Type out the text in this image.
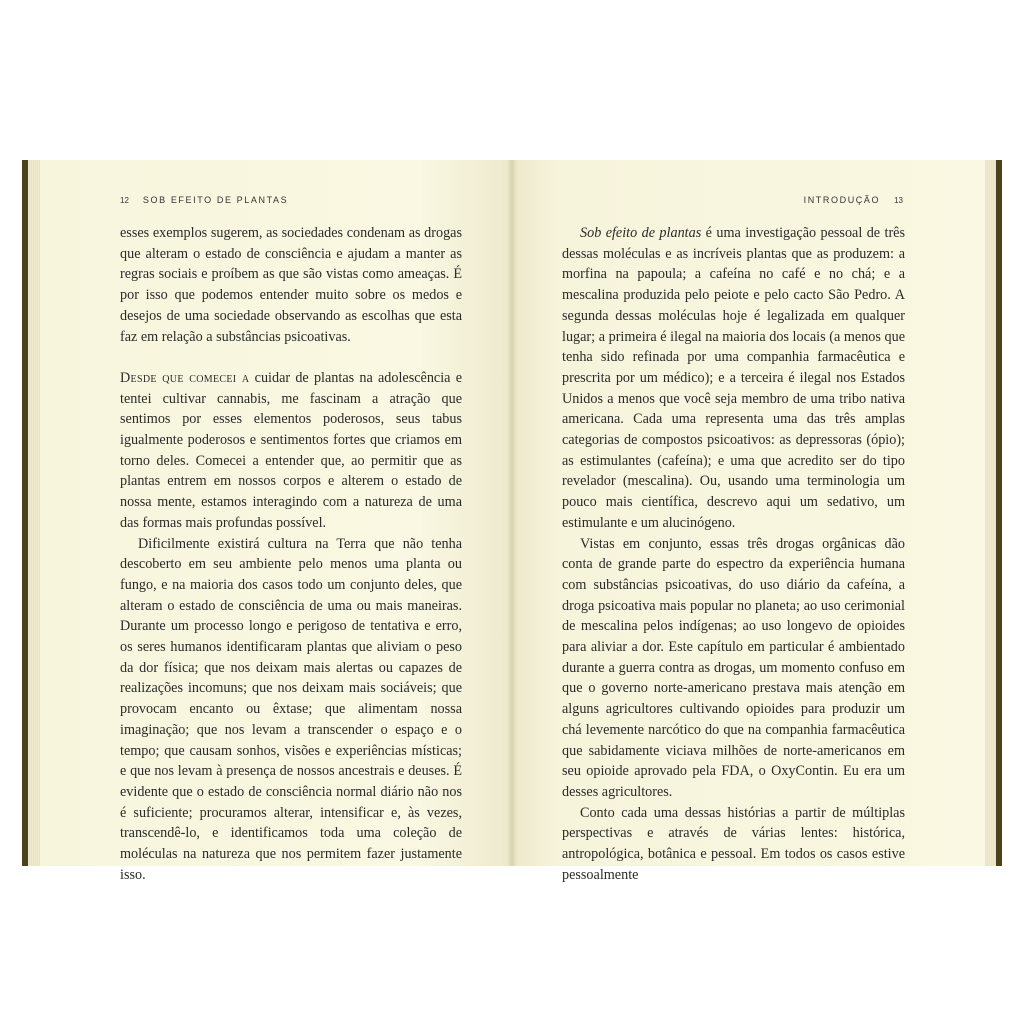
12 SOB EFEITO DE PLANTAS

esses exemplos sugerem, as sociedades condenam as drogas que alteram o estado de consciência e ajudam a manter as regras sociais e proíbem as que são vistas como ameaças. É por isso que podemos entender muito sobre os medos e desejos de uma sociedade observando as escolhas que esta faz em relação a substâncias psicoativas.

Desde que comecei a cuidar de plantas na adolescência e tentei cultivar cannabis, me fascinam a atração que sentimos por esses elementos poderosos, seus tabus igualmente poderosos e sentimentos fortes que criamos em torno deles. Comecei a entender que, ao permitir que as plantas entrem em nossos corpos e alterem o estado de nossa mente, estamos interagindo com a natureza de uma das formas mais profundas possível.

Dificilmente existirá cultura na Terra que não tenha descoberto em seu ambiente pelo menos uma planta ou fungo, e na maioria dos casos todo um conjunto deles, que alteram o estado de consciência de uma ou mais maneiras. Durante um processo longo e perigoso de tentativa e erro, os seres humanos identificaram plantas que aliviam o peso da dor física; que nos deixam mais alertas ou capazes de realizações incomuns; que nos deixam mais sociáveis; que provocam encanto ou êxtase; que alimentam nossa imaginação; que nos levam a transcender o espaço e o tempo; que causam sonhos, visões e experiências místicas; e que nos levam à presença de nossos ancestrais e deuses. É evidente que o estado de consciência normal diário não nos é suficiente; procuramos alterar, intensificar e, às vezes, transcendê-lo, e identificamos toda uma coleção de moléculas na natureza que nos permitem fazer justamente isso.

INTRODUÇÃO 13

Sob efeito de plantas é uma investigação pessoal de três dessas moléculas e as incríveis plantas que as produzem: a morfina na papoula; a cafeína no café e no chá; e a mescalina produzida pelo peiote e pelo cacto São Pedro. A segunda dessas moléculas hoje é legalizada em qualquer lugar; a primeira é ilegal na maioria dos locais (a menos que tenha sido refinada por uma companhia farmacêutica e prescrita por um médico); e a terceira é ilegal nos Estados Unidos a menos que você seja membro de uma tribo nativa americana. Cada uma representa uma das três amplas categorias de compostos psicoativos: as depressoras (ópio); as estimulantes (cafeína); e uma que acredito ser do tipo revelador (mescalina). Ou, usando uma terminologia um pouco mais científica, descrevo aqui um sedativo, um estimulante e um alucinógeno.

Vistas em conjunto, essas três drogas orgânicas dão conta de grande parte do espectro da experiência humana com substâncias psicoativas, do uso diário da cafeína, a droga psicoativa mais popular no planeta; ao uso cerimonial de mescalina pelos indígenas; ao uso longevo de opioides para aliviar a dor. Este capítulo em particular é ambientado durante a guerra contra as drogas, um momento confuso em que o governo norte-americano prestava mais atenção em alguns agricultores cultivando opioides para produzir um chá levemente narcótico do que na companhia farmacêutica que sabidamente viciava milhões de norte-americanos em seu opioide aprovado pela FDA, o OxyContin. Eu era um desses agricultores.

Conto cada uma dessas histórias a partir de múltiplas perspectivas e através de várias lentes: histórica, antropológica, botânica e pessoal. Em todos os casos estive pessoalmente
